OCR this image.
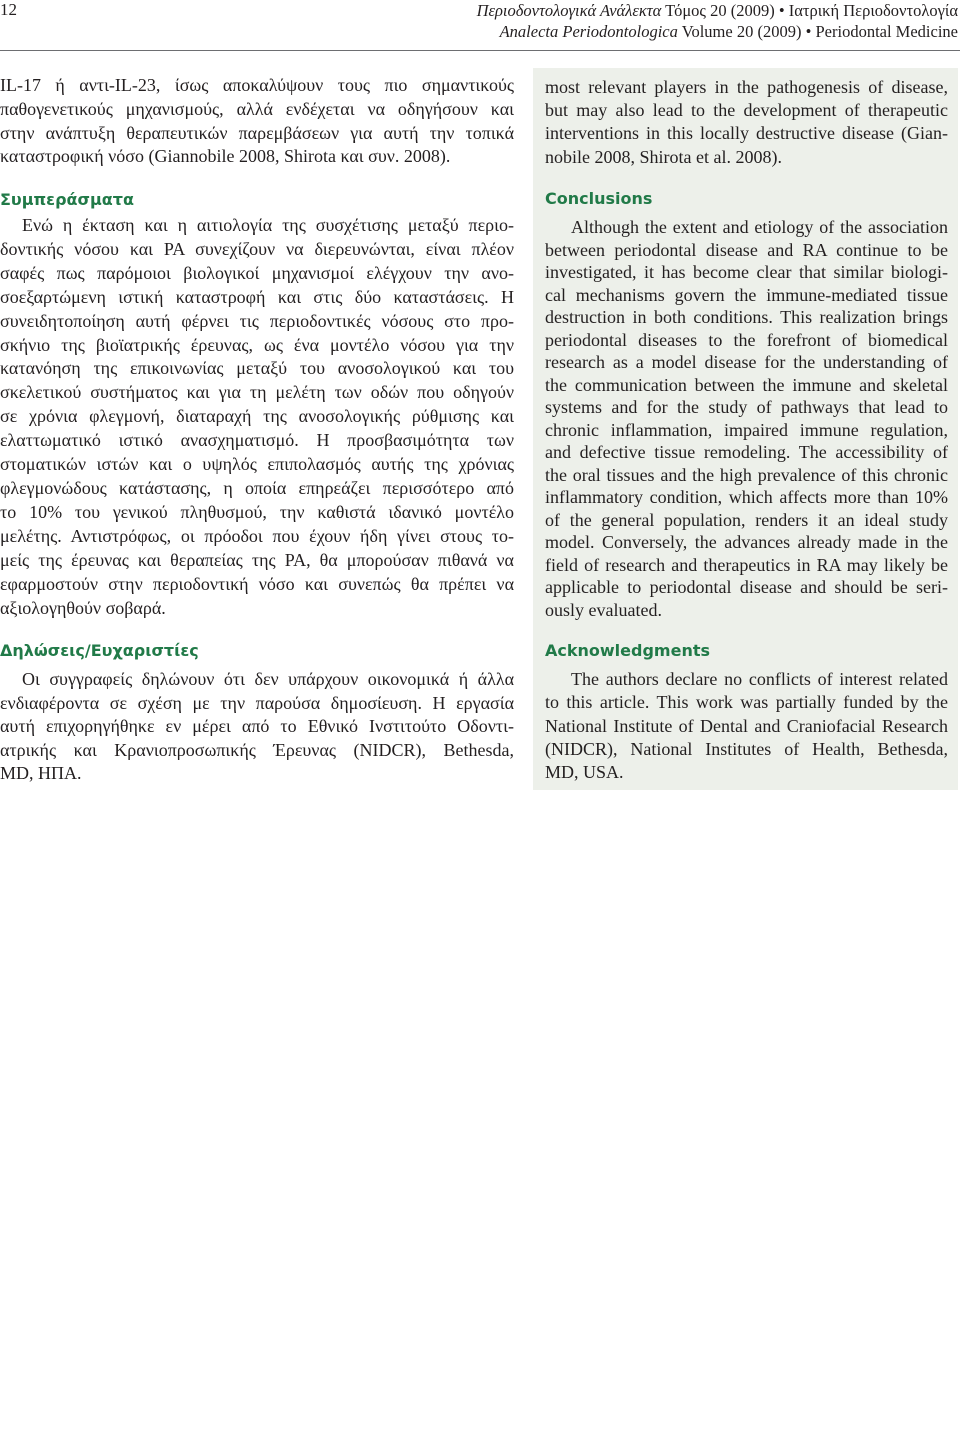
12	Περιοδοντολογικά Ανάλεκτα Τόμος 20 (2009) • Ιατρική Περιοδοντολογία
Analecta Periodontologica Volume 20 (2009) • Periodontal Medicine
IL-17 ή αντι-IL-23, ίσως αποκαλύψουν τους πιο σημαντικούς
παθογενετικούς μηχανισμούς, αλλά ενδέχεται να οδηγήσουν και
στην ανάπτυξη θεραπευτικών παρεμβάσεων για αυτή την τοπικά
καταστροφική νόσο (Giannobile 2008, Shirota και συν. 2008).
Συμπεράσματα
Ενώ η έκταση και η αιτιολογία της συσχέτισης μεταξύ περιο-
δοντικής νόσου και ΡΑ συνεχίζουν να διερευνώνται, είναι πλέον
σαφές πως παρόμοιοι βιολογικοί μηχανισμοί ελέγχουν την ανο-
σοεξαρτώμενη ιστική καταστροφή και στις δύο καταστάσεις. Η
συνειδητοποίηση αυτή φέρνει τις περιοδοντικές νόσους στο προ-
σκήνιο της βιοϊατρικής έρευνας, ως ένα μοντέλο νόσου για την
κατανόηση της επικοινωνίας μεταξύ του ανοσολογικού και του
σκελετικού συστήματος και για τη μελέτη των οδών που οδηγούν
σε χρόνια φλεγμονή, διαταραχή της ανοσολογικής ρύθμισης και
ελαττωματικό ιστικό ανασχηματισμό. Η προσβασιμότητα των
στοματικών ιστών και ο υψηλός επιπολασμός αυτής της χρόνιας
φλεγμονώδους κατάστασης, η οποία επηρεάζει περισσότερο από
το 10% του γενικού πληθυσμού, την καθιστά ιδανικό μοντέλο
μελέτης. Αντιστρόφως, οι πρόοδοι που έχουν ήδη γίνει στους το-
μείς της έρευνας και θεραπείας της ΡΑ, θα μπορούσαν πιθανά να
εφαρμοστούν στην περιοδοντική νόσο και συνεπώς θα πρέπει να
αξιολογηθούν σοβαρά.
Δηλώσεις/Ευχαριστίες
Οι συγγραφείς δηλώνουν ότι δεν υπάρχουν οικονομικά ή άλλα
ενδιαφέροντα σε σχέση με την παρούσα δημοσίευση. Η εργασία
αυτή επιχορηγήθηκε εν μέρει από το Εθνικό Ινστιτούτο Οδοντι-
ατρικής και Κρανιοπροσωπικής Έρευνας (NIDCR), Bethesda,
MD, ΗΠΑ.
most relevant players in the pathogenesis of disease,
but may also lead to the development of therapeutic
interventions in this locally destructive disease (Gian-
nobile 2008, Shirota et al. 2008).
Conclusions
Although the extent and etiology of the association
between periodontal disease and RA continue to be
investigated, it has become clear that similar biologi-
cal mechanisms govern the immune-mediated tissue
destruction in both conditions. This realization brings
periodontal diseases to the forefront of biomedical
research as a model disease for the understanding of
the communication between the immune and skeletal
systems and for the study of pathways that lead to
chronic inflammation, impaired immune regulation,
and defective tissue remodeling. The accessibility of
the oral tissues and the high prevalence of this chronic
inflammatory condition, which affects more than 10%
of the general population, renders it an ideal study
model. Conversely, the advances already made in the
field of research and therapeutics in RA may likely be
applicable to periodontal disease and should be seri-
ously evaluated.
Acknowledgments
The authors declare no conflicts of interest related
to this article. This work was partially funded by the
National Institute of Dental and Craniofacial Research
(NIDCR), National Institutes of Health, Bethesda,
MD, USA.
